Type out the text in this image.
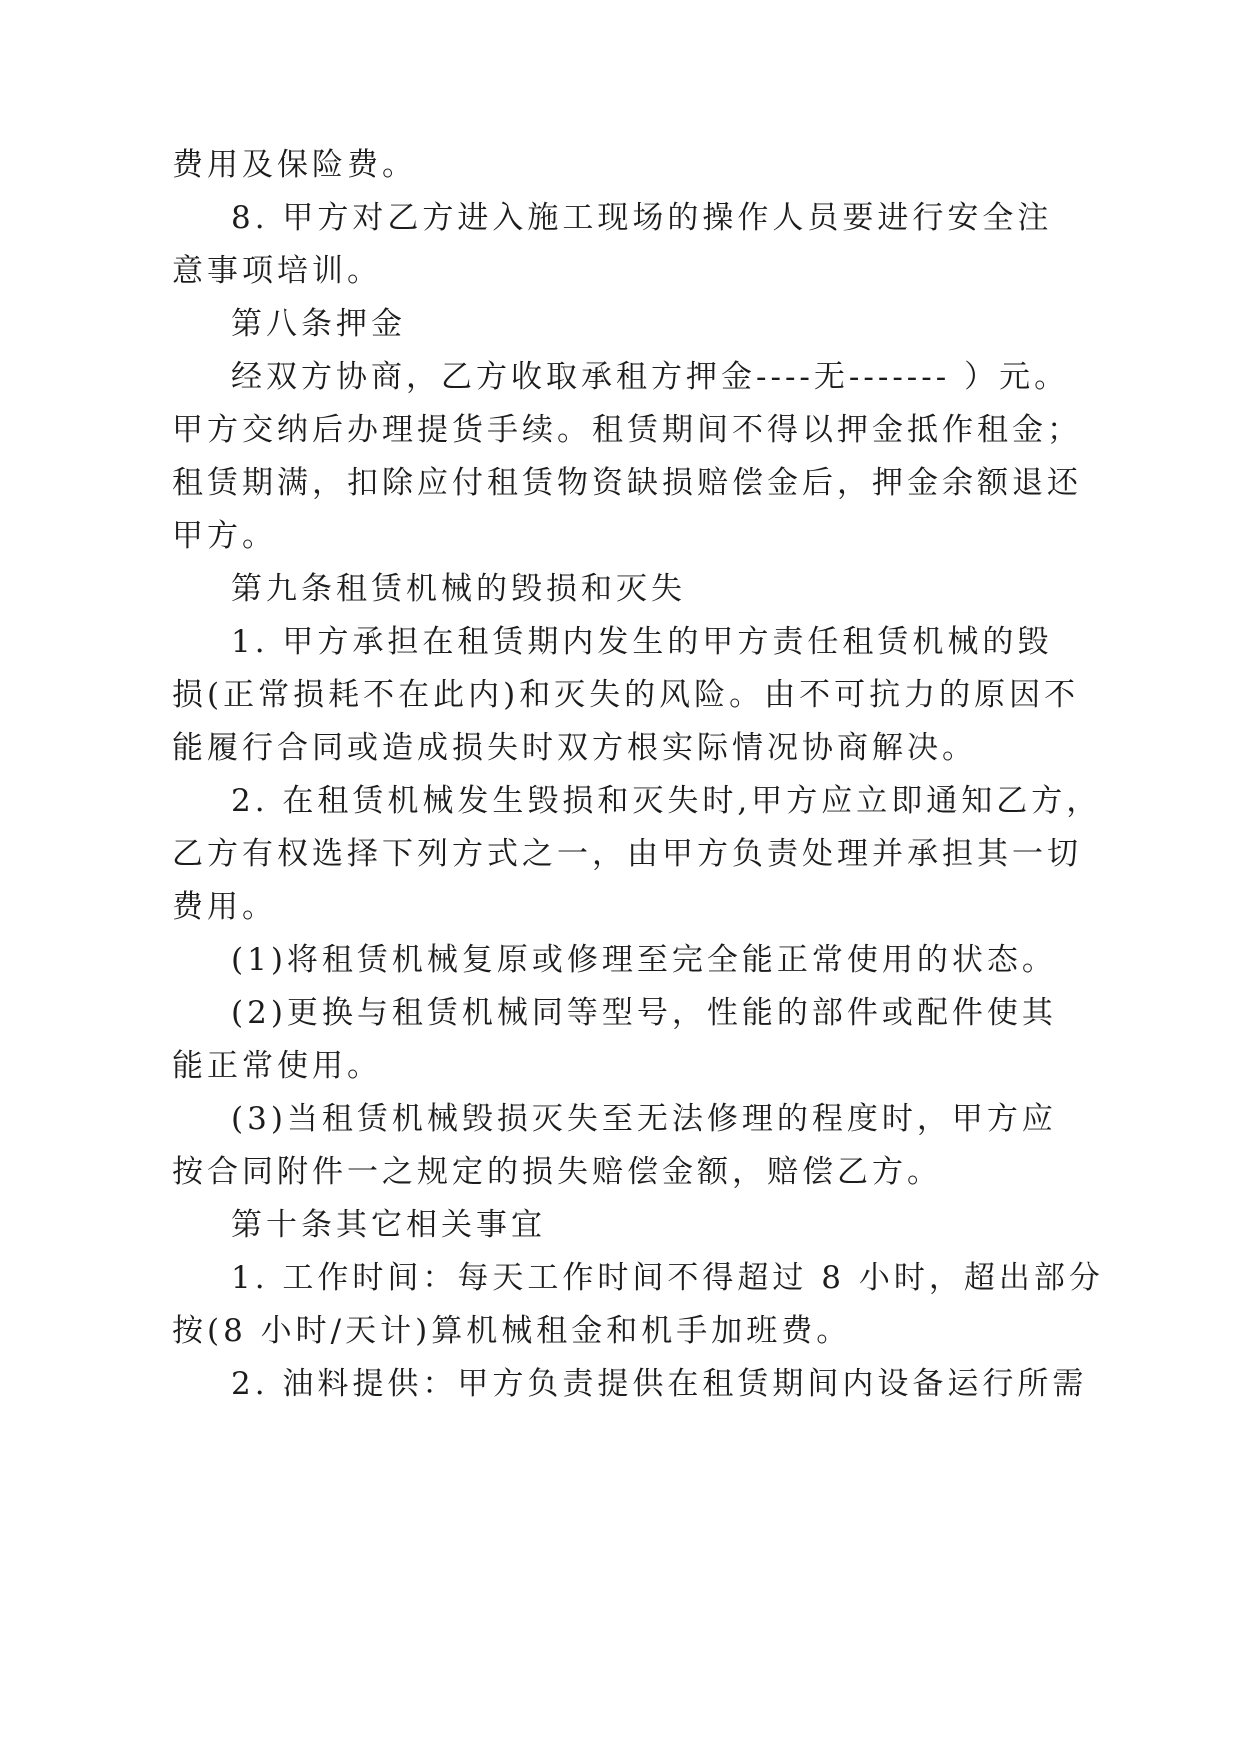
费用及保险费。
8. 甲方对乙方进入施工现场的操作人员要进行安全注
意事项培训。
第八条押金
经双方协商，乙方收取承租方押金----无------- ）元。
甲方交纳后办理提货手续。租赁期间不得以押金抵作租金；
租赁期满，扣除应付租赁物资缺损赔偿金后，押金余额退还
甲方。
第九条租赁机械的毁损和灭失
1. 甲方承担在租赁期内发生的甲方责任租赁机械的毁
损(正常损耗不在此内)和灭失的风险。由不可抗力的原因不
能履行合同或造成损失时双方根实际情况协商解决。
2. 在租赁机械发生毁损和灭失时,甲方应立即通知乙方，
乙方有权选择下列方式之一，由甲方负责处理并承担其一切
费用。
(1)将租赁机械复原或修理至完全能正常使用的状态。
(2)更换与租赁机械同等型号，性能的部件或配件使其
能正常使用。
(3)当租赁机械毁损灭失至无法修理的程度时，甲方应
按合同附件一之规定的损失赔偿金额，赔偿乙方。
第十条其它相关事宜
1. 工作时间：每天工作时间不得超过 8 小时，超出部分
按(8 小时/天计)算机械租金和机手加班费。
2. 油料提供：甲方负责提供在租赁期间内设备运行所需
